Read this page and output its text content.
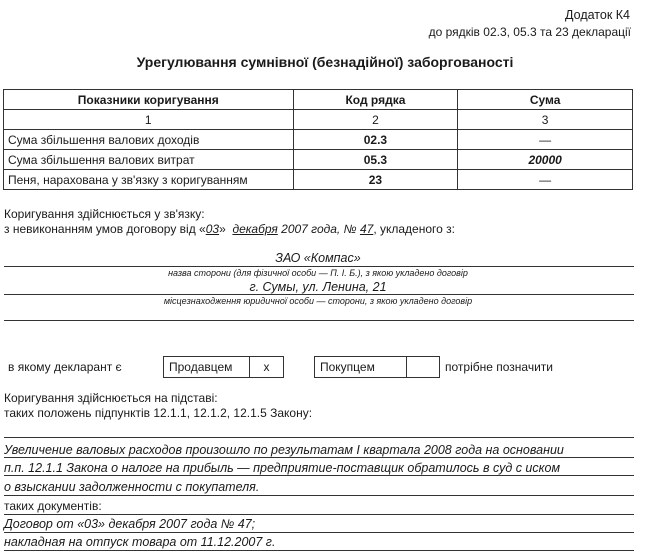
Додаток К4
до рядків 02.3, 05.3 та 23 декларації
Урегулювання сумнівної (безнадійної) заборгованості
Показники коригування	Код рядка	Сума
1	2	3
Сума збільшення валових доходів	02.3	—
Сума збільшення валових витрат	05.3	20000
Пеня, нарахована у зв'язку з коригуванням	23	—
Коригування здійснюється у зв'язку:
з невиконанням умов договору від «03» декабря 2007 года, № 47, укладеного з:
ЗАО «Компас»
назва сторони (для фізичної особи — П. І. Б.), з якою укладено договір
г. Сумы, ул. Ленина, 21
місцезнаходження юридичної особи — сторони, з якою укладено договір
в якому декларант є	Продавцем	х	Покупцем	потрібне позначити
Коригування здійснюється на підставі:
таких положень підпунктів 12.1.1, 12.1.2, 12.1.5 Закону:
Увеличение валовых расходов произошло по результатам I квартала 2008 года на основании
п.п. 12.1.1 Закона о налоге на прибыль — предприятие-поставщик обратилось в суд с иском
о взыскании задолженности с покупателя.
таких документів:
Договор от «03» декабря 2007 года № 47;
накладная на отпуск товара от 11.12.2007 г.
